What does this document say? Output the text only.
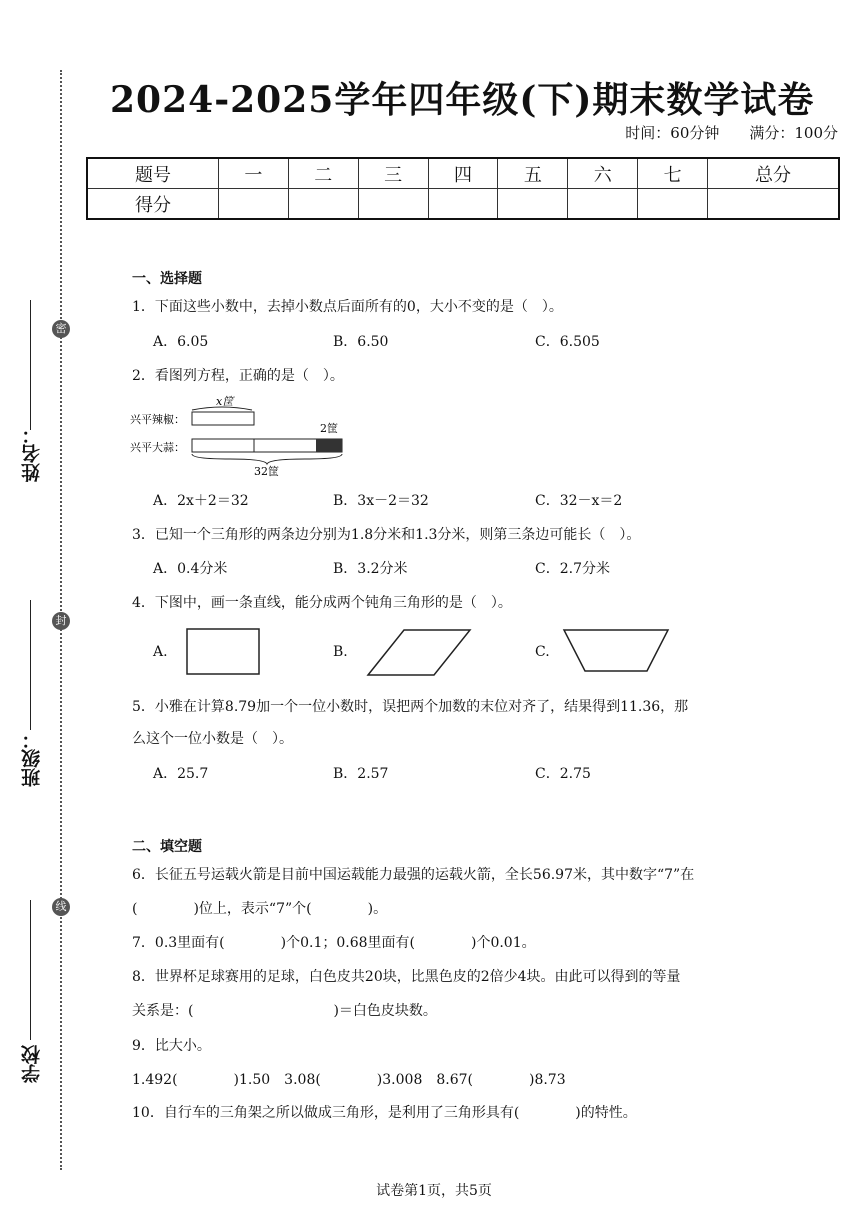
姓名：
班级：
学校
密
封
线
2024-2025学年四年级(下)期末数学试卷
时间：60分钟　　满分：100分
题号	一	二	三	四	五	六	七	总分
得分								
一、选择题
1．下面这些小数中，去掉小数点后面所有的0，大小不变的是（　）。
A．6.05	B．6.50	C．6.505
2．看图列方程，正确的是（　）。
x筐
兴平辣椒：
2筐
兴平大蒜：
32筐
A．2x＋2＝32	B．3x－2＝32	C．32－x＝2
3．已知一个三角形的两条边分别为1.8分米和1.3分米，则第三条边可能长（　）。
A．0.4分米	B．3.2分米	C．2.7分米
4．下图中，画一条直线，能分成两个钝角三角形的是（　）。
A.	B.	C.
5．小雅在计算8.79加一个一位小数时，误把两个加数的末位对齐了，结果得到11.36，那
么这个一位小数是（　）。
A．25.7	B．2.57	C．2.75
二、填空题
6．长征五号运载火箭是目前中国运载能力最强的运载火箭，全长56.97米，其中数字“7”在
(　　　　)位上，表示“7”个(　　　　)。
7．0.3里面有(　　　　)个0.1；0.68里面有(　　　　)个0.01。
8．世界杯足球赛用的足球，白色皮共20块，比黑色皮的2倍少4块。由此可以得到的等量
关系是：(　　　　　　　　　　)＝白色皮块数。
9．比大小。
1.492(　　　　)1.50　3.08(　　　　)3.008　8.67(　　　　)8.73
10．自行车的三角架之所以做成三角形，是利用了三角形具有(　　　　)的特性。
试卷第1页，共5页
